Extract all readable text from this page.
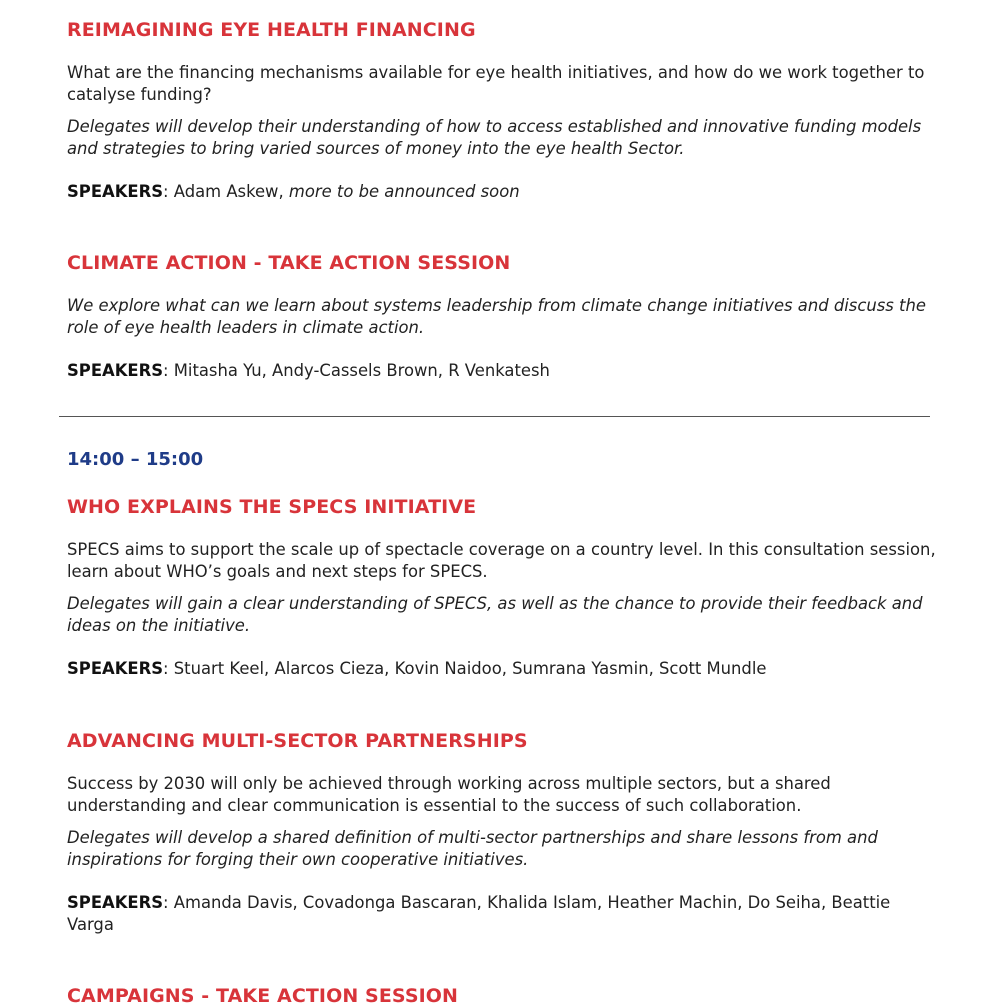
REIMAGINING EYE HEALTH FINANCING

What are the financing mechanisms available for eye health initiatives, and how do we work together to catalyse funding?

Delegates will develop their understanding of how to access established and innovative funding models and strategies to bring varied sources of money into the eye health Sector.

SPEAKERS: Adam Askew, more to be announced soon

CLIMATE ACTION - TAKE ACTION SESSION

We explore what can we learn about systems leadership from climate change initiatives and discuss the role of eye health leaders in climate action.

SPEAKERS: Mitasha Yu, Andy-Cassels Brown, R Venkatesh

WHO EXPLAINS THE SPECS INITIATIVE

SPECS aims to support the scale up of spectacle coverage on a country level. In this consultation session, learn about WHO’s goals and next steps for SPECS.

Delegates will gain a clear understanding of SPECS, as well as the chance to provide their feedback and ideas on the initiative.

SPEAKERS: Stuart Keel, Alarcos Cieza, Kovin Naidoo, Sumrana Yasmin, Scott Mundle

ADVANCING MULTI-SECTOR PARTNERSHIPS

Success by 2030 will only be achieved through working across multiple sectors, but a shared understanding and clear communication is essential to the success of such collaboration.

Delegates will develop a shared definition of multi-sector partnerships and share lessons from and inspirations for forging their own cooperative initiatives.

SPEAKERS: Amanda Davis, Covadonga Bascaran, Khalida Islam, Heather Machin, Do Seiha, Beattie Varga

CAMPAIGNS - TAKE ACTION SESSION

14:00 – 15:00
